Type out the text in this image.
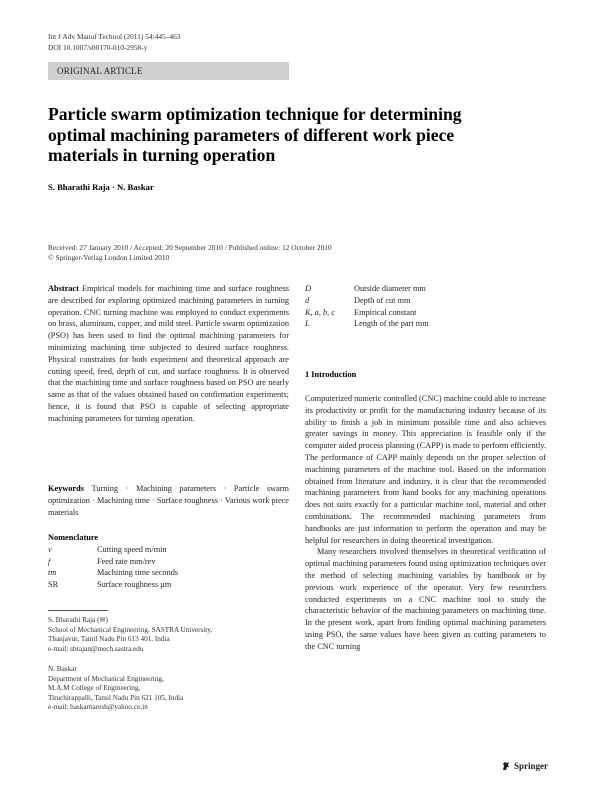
Int J Adv Manuf Technol (2011) 54:445–463
DOI 10.1007/s00170-010-2958-y
ORIGINAL ARTICLE
Particle swarm optimization technique for determining optimal machining parameters of different work piece materials in turning operation
S. Bharathi Raja · N. Baskar
Received: 27 January 2010 / Accepted: 20 September 2010 / Published online: 12 October 2010
© Springer-Verlag London Limited 2010

Abstract Empirical models for machining time and surface roughness are described for exploring optimized machining parameters in turning operation. CNC turning machine was employed to conduct experiments on brass, aluminum, copper, and mild steel. Particle swarm optimization (PSO) has been used to find the optimal machining parameters for minimizing machining time subjected to desired surface roughness. Physical constraints for both experiment and theoretical approach are cutting speed, feed, depth of cut, and surface roughness. It is observed that the machining time and surface roughness based on PSO are nearly same as that of the values obtained based on confirmation experiments; hence, it is found that PSO is capable of selecting appropriate machining parameters for turning operation.

Keywords Turning · Machining parameters · Particle swarm optimization · Machining time · Surface roughness · Various work piece materials

Nomenclature
v	Cutting speed m/min
f	Feed rate mm/rev
tm	Machining time seconds
SR	Surface roughness µm
S. Bharathi Raja (✉)
School of Mechanical Engineering, SASTRA University,
Thanjavur, Tamil Nadu Pin 613 401, India
e-mail: sbrajan@mech.sastra.edu
N. Baskar
Department of Mechanical Engineering,
M.A.M College of Engineering,
Tiruchirappalli, Tamil Nadu Pin 621 105, India
e-mail: baskarnaresh@yahoo.co.in
D	Outside diameter mm
d	Depth of cut mm
K, a, b, c	Empirical constant
L	Length of the part mm
1 Introduction

Computerized numeric controlled (CNC) machine could able to increase its productivity or profit for the manufacturing industry because of its ability to finish a job in minimum possible time and also achieves greater savings in money. This appreciation is feasible only if the computer aided process planning (CAPP) is made to perform efficiently. The performance of CAPP mainly depends on the proper selection of machining parameters of the machine tool. Based on the information obtained from literature and industry, it is clear that the recommended machining parameters from hand books for any machining operations does not suits exactly for a particular machine tool, material and other combinations. The recommended machining parameters from handbooks are just information to perform the operation and may be helpful for researchers in doing theoretical investigation.

Many researchers involved themselves in theoretical verification of optimal machining parameters found using optimization techniques over the method of selecting machining variables by handbook or by previous work experience of the operator. Very few researchers conducted experiments on a CNC machine tool to study the characteristic behavior of the machining parameters on machining time. In the present work, apart from finding optimal machining parameters using PSO, the same values have been given as cutting parameters to the CNC turning

Springer
